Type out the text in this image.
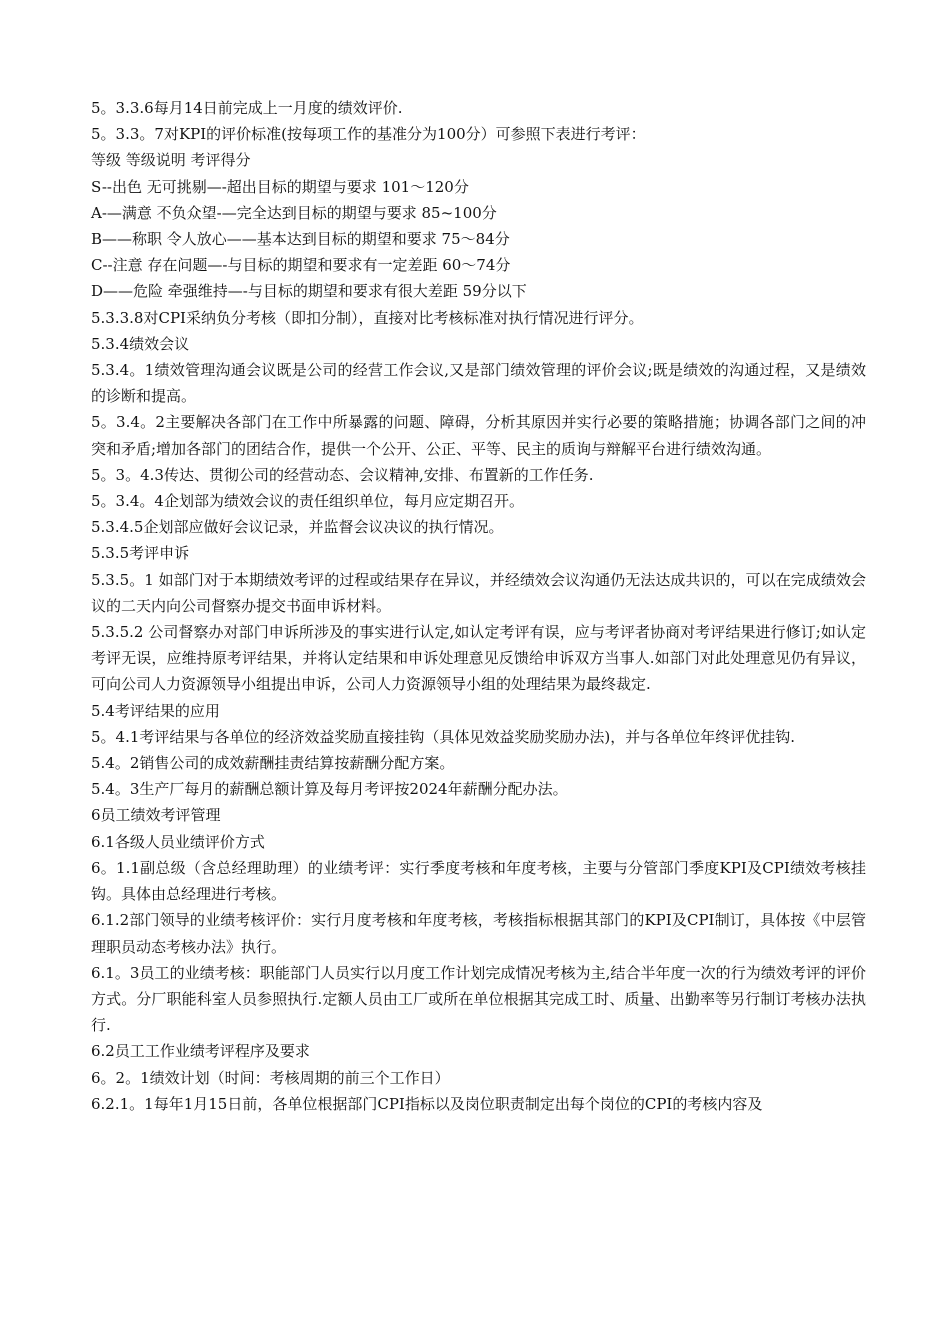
5。3.3.6每月14日前完成上一月度的绩效评价.

5。3.3。7对KPI的评价标准(按每项工作的基准分为100分）可参照下表进行考评：

等级 等级说明 考评得分

S--出色 无可挑剔—-超出目标的期望与要求 101～120分

A-—满意 不负众望-—完全达到目标的期望与要求 85~100分

B——称职 令人放心——基本达到目标的期望和要求 75～84分

C--注意 存在问题—-与目标的期望和要求有一定差距 60～74分

D——危险 牵强维持—-与目标的期望和要求有很大差距 59分以下

5.3.3.8对CPI采纳负分考核（即扣分制），直接对比考核标准对执行情况进行评分。

5.3.4绩效会议

5.3.4。1绩效管理沟通会议既是公司的经营工作会议,又是部门绩效管理的评价会议;既是绩效的沟通过程，又是绩效的诊断和提高。

5。3.4。2主要解决各部门在工作中所暴露的问题、障碍，分析其原因并实行必要的策略措施；协调各部门之间的冲突和矛盾;增加各部门的团结合作，提供一个公开、公正、平等、民主的质询与辩解平台进行绩效沟通。

5。3。4.3传达、贯彻公司的经营动态、会议精神,安排、布置新的工作任务.

5。3.4。4企划部为绩效会议的责任组织单位，每月应定期召开。

5.3.4.5企划部应做好会议记录，并监督会议决议的执行情况。

5.3.5考评申诉

5.3.5。1 如部门对于本期绩效考评的过程或结果存在异议，并经绩效会议沟通仍无法达成共识的，可以在完成绩效会议的二天内向公司督察办提交书面申诉材料。

5.3.5.2 公司督察办对部门申诉所涉及的事实进行认定,如认定考评有误，应与考评者协商对考评结果进行修订;如认定考评无误，应维持原考评结果，并将认定结果和申诉处理意见反馈给申诉双方当事人.如部门对此处理意见仍有异议，可向公司人力资源领导小组提出申诉，公司人力资源领导小组的处理结果为最终裁定.

5.4考评结果的应用

5。4.1考评结果与各单位的经济效益奖励直接挂钩（具体见效益奖励奖励办法)，并与各单位年终评优挂钩.

5.4。2销售公司的成效薪酬挂责结算按薪酬分配方案。

5.4。3生产厂每月的薪酬总额计算及每月考评按2024年薪酬分配办法。

6员工绩效考评管理

6.1各级人员业绩评价方式

6。1.1副总级（含总经理助理）的业绩考评：实行季度考核和年度考核，主要与分管部门季度KPI及CPI绩效考核挂钩。具体由总经理进行考核。

6.1.2部门领导的业绩考核评价：实行月度考核和年度考核，考核指标根据其部门的KPI及CPI制订，具体按《中层管理职员动态考核办法》执行。

6.1。3员工的业绩考核：职能部门人员实行以月度工作计划完成情况考核为主,结合半年度一次的行为绩效考评的评价方式。分厂职能科室人员参照执行.定额人员由工厂或所在单位根据其完成工时、质量、出勤率等另行制订考核办法执行.

6.2员工工作业绩考评程序及要求

6。2。1绩效计划（时间：考核周期的前三个工作日）

6.2.1。1每年1月15日前，各单位根据部门CPI指标以及岗位职责制定出每个岗位的CPI的考核内容及
